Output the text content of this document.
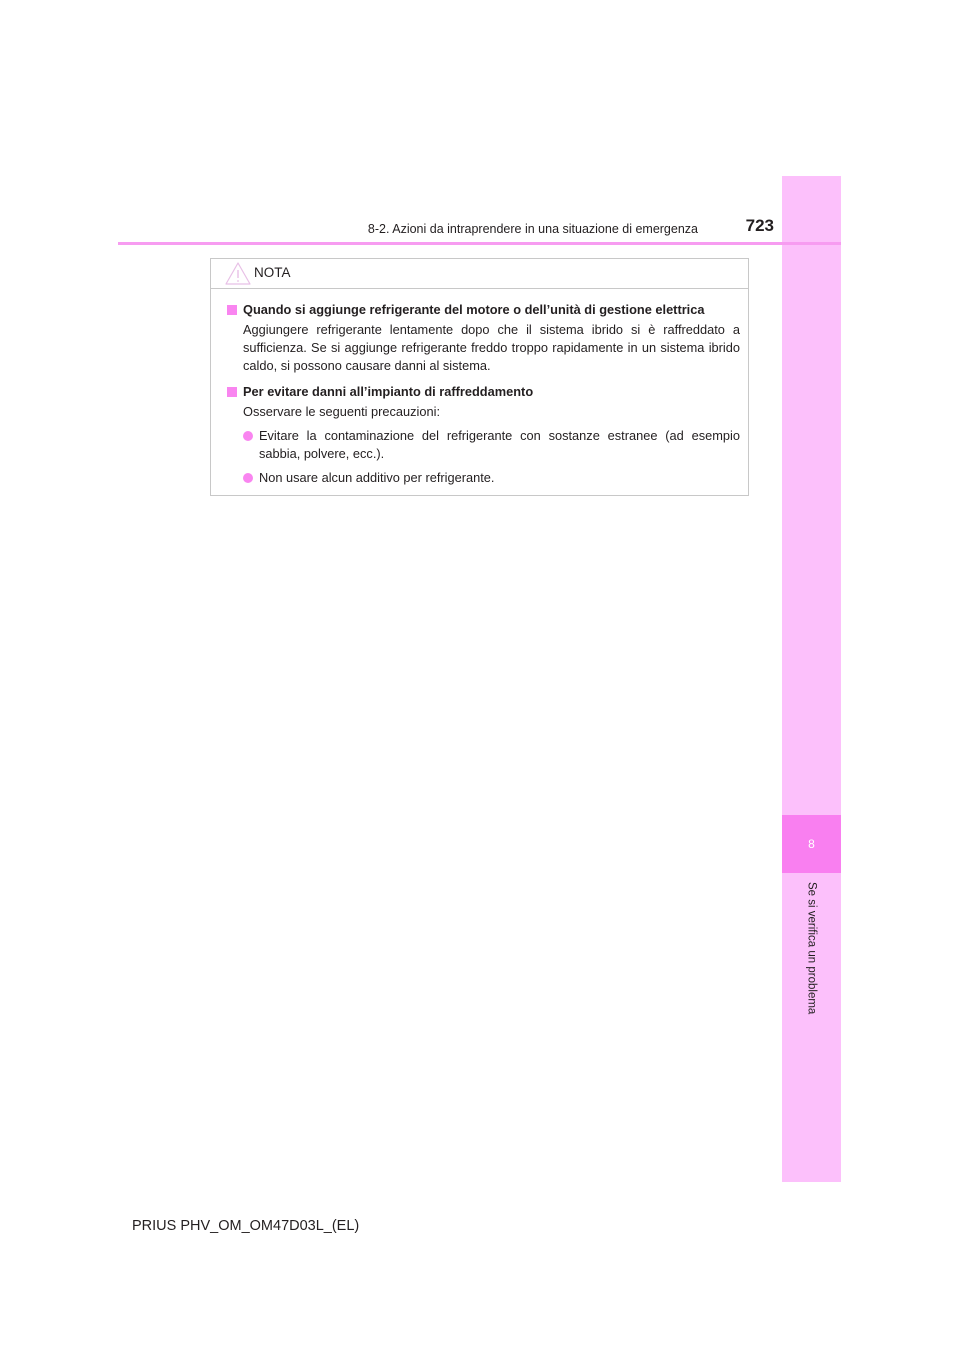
8
Se si verifica un problema
8-2. Azioni da intraprendere in una situazione di emergenza	723
NOTA
Quando si aggiunge refrigerante del motore o dell’unità di gestione elettrica
Aggiungere refrigerante lentamente dopo che il sistema ibrido si è raffreddato a sufficienza. Se si aggiunge refrigerante freddo troppo rapidamente in un sistema ibrido caldo, si possono causare danni al sistema.
Per evitare danni all’impianto di raffreddamento
Osservare le seguenti precauzioni:
Evitare la contaminazione del refrigerante con sostanze estranee (ad esempio sabbia, polvere, ecc.).
Non usare alcun additivo per refrigerante.
PRIUS PHV_OM_OM47D03L_(EL)
